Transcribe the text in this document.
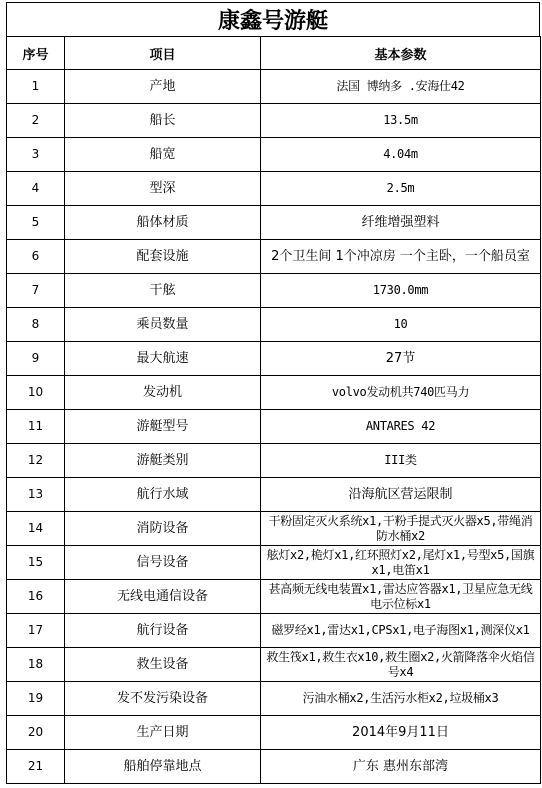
康鑫号游艇
序号	项目	基本参数
1	产地	法国 博纳多 .安海仕42
2	船长	13.5m
3	船宽	4.04m
4	型深	2.5m
5	船体材质	纤维增强塑料
6	配套设施	2个卫生间 1个冲凉房 一个主卧，一个船员室
7	干舷	1730.0mm
8	乘员数量	10
9	最大航速	27节
10	发动机	volvo发动机共740匹马力
11	游艇型号	ANTARES 42
12	游艇类别	III类
13	航行水域	沿海航区营运限制
14	消防设备	干粉固定灭火系统x1,干粉手提式灭火器x5,带绳消防水桶x2
15	信号设备	舷灯x2,桅灯x1,红环照灯x2,尾灯x1,号型x5,国旗x1,电笛x1
16	无线电通信设备	甚高频无线电装置x1,雷达应答器x1,卫星应急无线电示位标x1
17	航行设备	磁罗经x1,雷达x1,CPSx1,电子海图x1,测深仪x1
18	救生设备	救生筏x1,救生衣x10,救生圈x2,火箭降落伞火焰信号x4
19	发不发污染设备	污油水桶x2,生活污水柜x2,垃圾桶x3
20	生产日期	2014年9月11日
21	船舶停靠地点	广东 惠州东部湾
